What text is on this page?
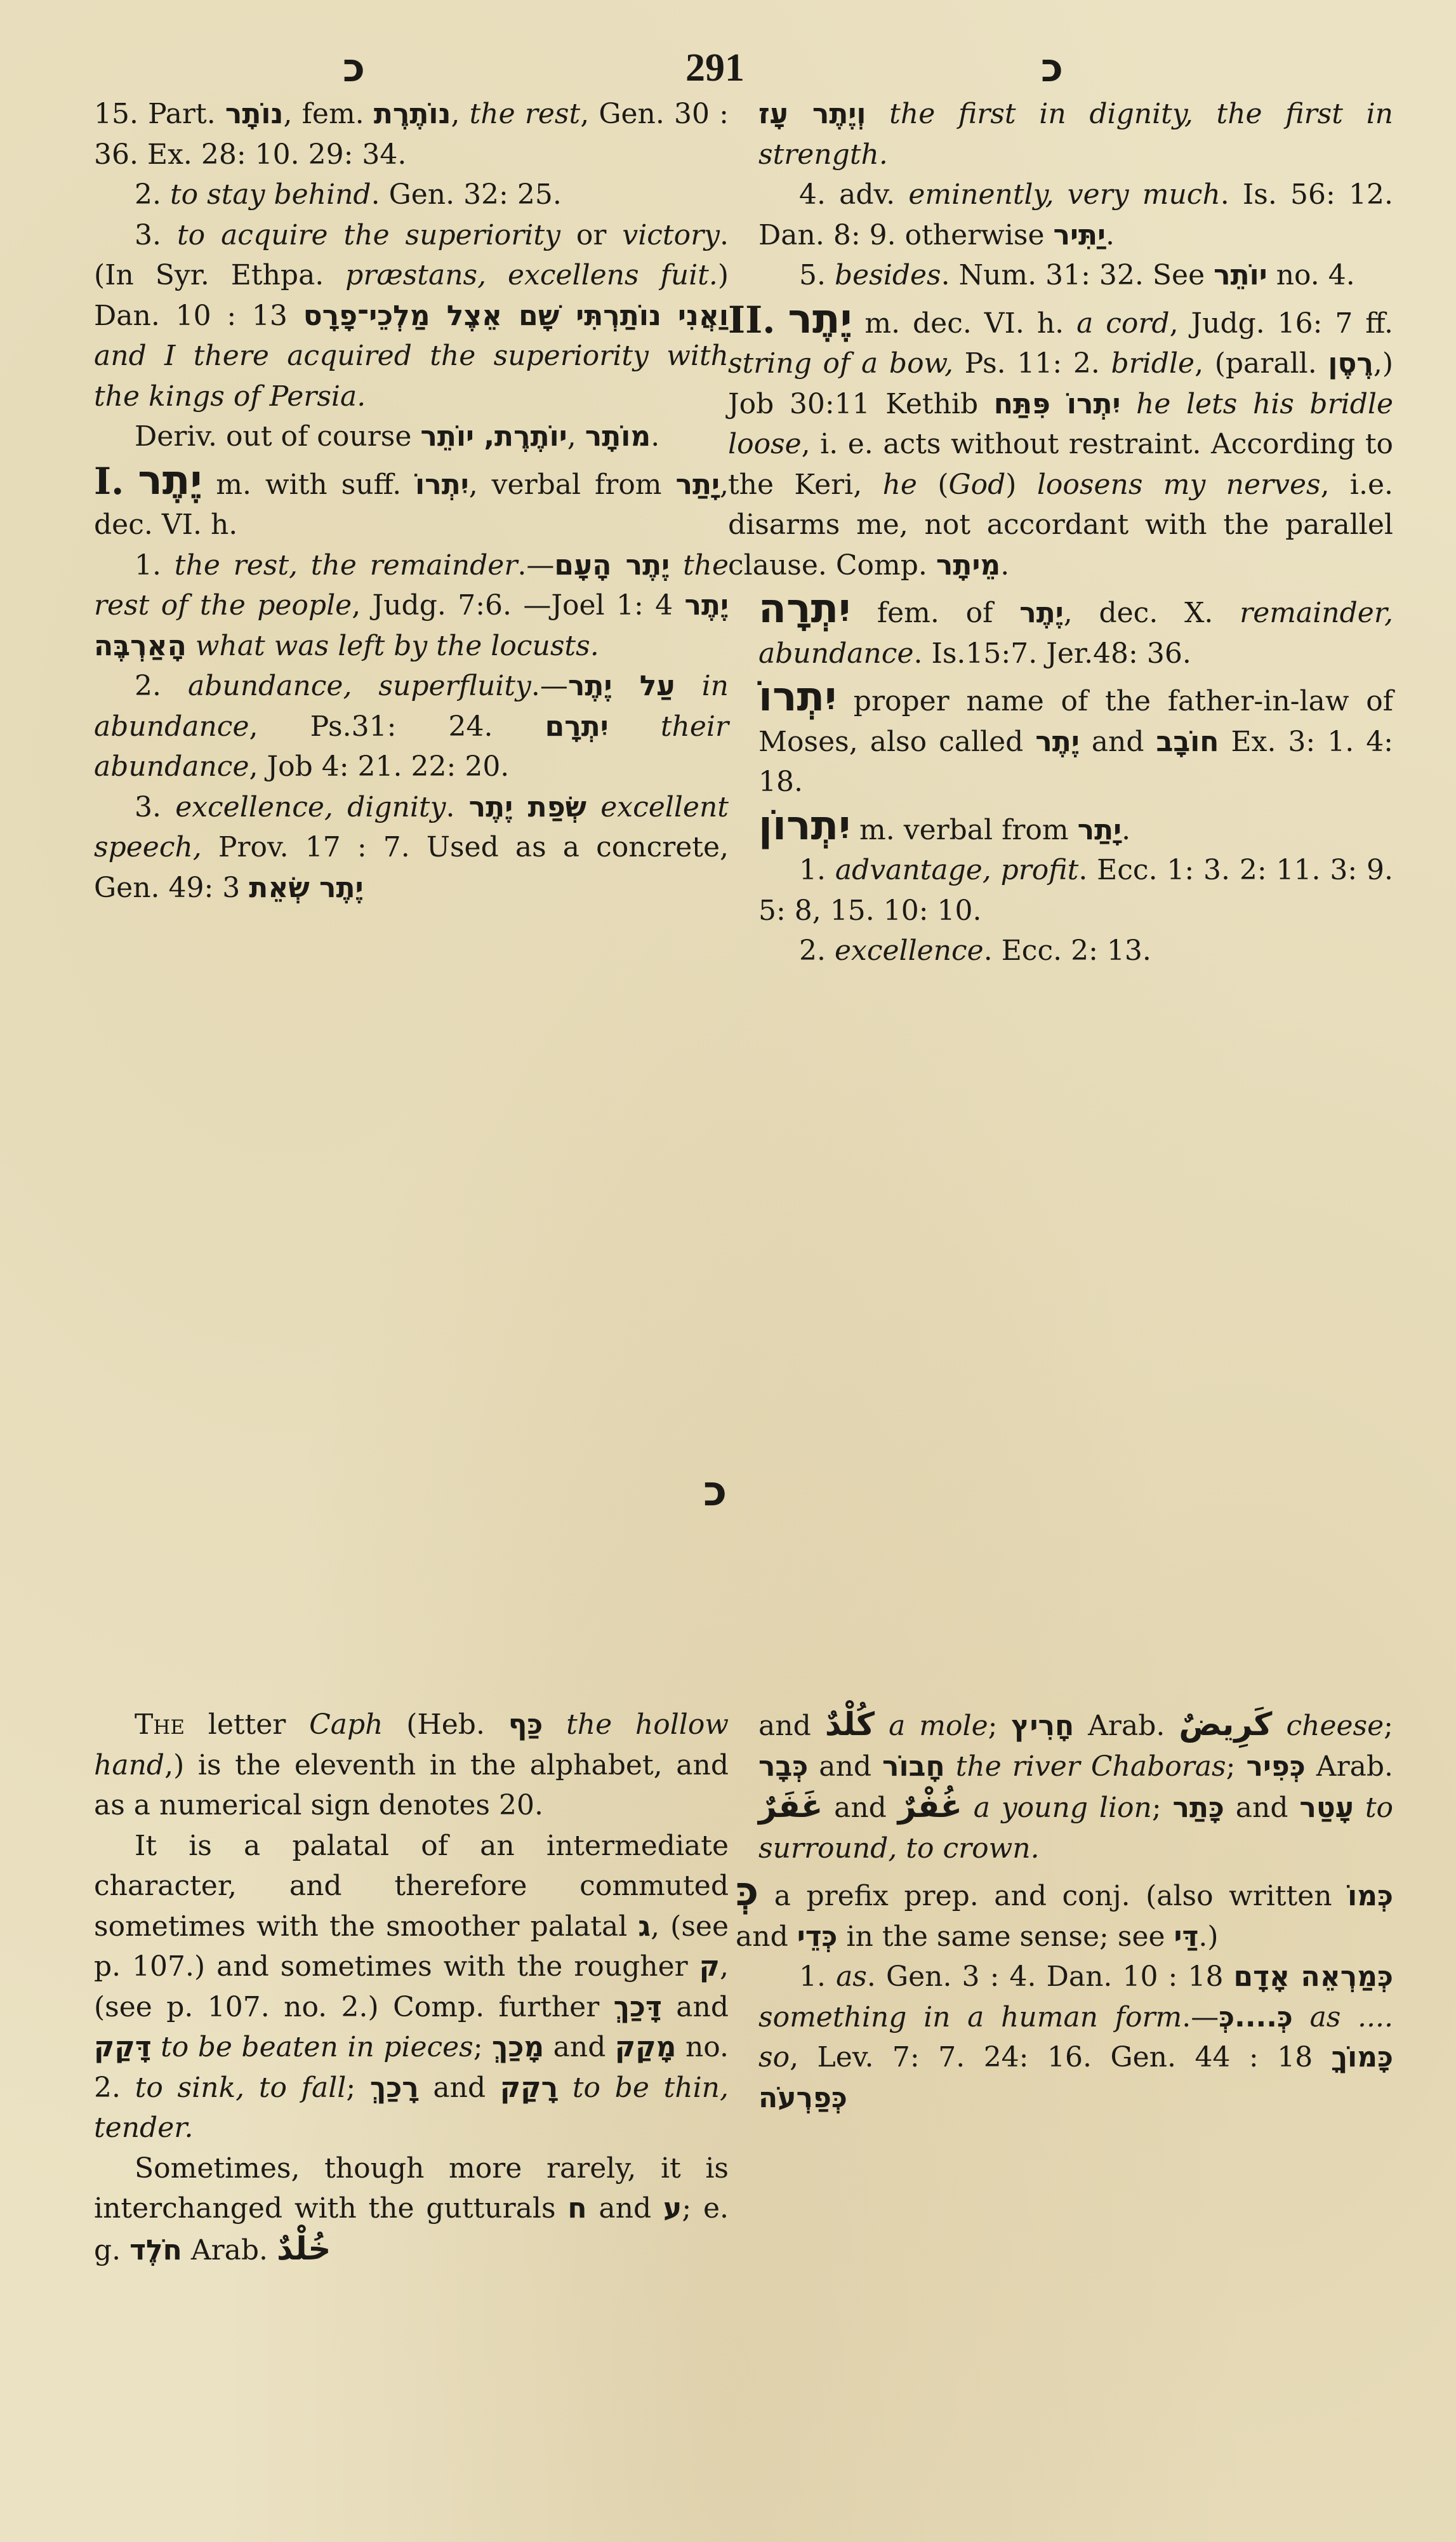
כ	291	כ

15. Part. נוֹתָר, fem. נוֹתֶרֶת, the rest, Gen. 30 : 36. Ex. 28: 10. 29: 34.

2. to stay behind. Gen. 32: 25.

3. to acquire the superiority or victory. (In Syr. Ethpa. præstans, excellens fuit.) Dan. 10 : 13 וַאֲנִי נוֹתַרְתִּי שָׁם אֵצֶל מַלְכֵי־פָרָס and I there acquired the superiority with the kings of Persia.

Deriv. out of course יוֹתֶרֶת, יוֹתֵר, מוֹתָר.

I. יֶתֶר m. with suff. יִתְרוֹ, verbal from יָתַר, dec. VI. h.

1. the rest, the remainder.—יֶתֶר הָעָם the rest of the people, Judg. 7:6. —Joel 1: 4 יֶתֶר הָאַרְבֶּה what was left by the locusts.

2. abundance, superfluity.—עַל יֶתֶר in abundance, Ps.31: 24. יִתְרָם their abundance, Job 4: 21. 22: 20.

3. excellence, dignity. שְׂפַת יֶתֶר excellent speech, Prov. 17 : 7. Used as a concrete, Gen. 49: 3 יֶתֶר שְׂאֵת

וְיֶתֶר עָז the first in dignity, the first in strength.

4. adv. eminently, very much. Is. 56: 12. Dan. 8: 9. otherwise יַתִּיר.

5. besides. Num. 31: 32. See יוֹתֵר no. 4.

II. יֶתֶר m. dec. VI. h. a cord, Judg. 16: 7 ff. string of a bow, Ps. 11: 2. bridle, (parall. רֶסֶן,) Job 30:11 Kethib יִתְרוֹ פִּתַּח he lets his bridle loose, i. e. acts without restraint. According to the Keri, he (God) loosens my nerves, i.e. disarms me, not accordant with the parallel clause. Comp. מֵיתָר.

יִתְרָה fem. of יֶתֶר, dec. X. remainder, abundance. Is.15:7. Jer.48: 36.

יִתְרוֹ proper name of the father-in-law of Moses, also called יֶתֶר and חוֹבָב Ex. 3: 1. 4: 18.

יִתְרוֹן m. verbal from יָתַר.

1. advantage, profit. Ecc. 1: 3. 2: 11. 3: 9. 5: 8, 15. 10: 10.

2. excellence. Ecc. 2: 13.

כ

The letter Caph (Heb. כַּף the hollow hand,) is the eleventh in the alphabet, and as a numerical sign denotes 20.

It is a palatal of an intermediate character, and therefore commuted sometimes with the smoother palatal ג, (see p. 107.) and sometimes with the rougher ק, (see p. 107. no. 2.) Comp. further דָּכַךְ and דָּקַק to be beaten in pieces; מָכַךְ and מָקַק no. 2. to sink, to fall; רָכַךְ and רָקַק to be thin, tender.

Sometimes, though more rarely, it is interchanged with the gutturals ח and ע; e. g. חֹלֶד Arab. خُلْدٌ

and كُلْدٌ a mole; חָרִיץ Arab. كَرِيضٌ cheese; כְּבָר and חָבוֹר the river Chaboras; כְּפִיר Arab. غَفَرٌ and غُفْرٌ a young lion; כָּתַר and עָטַר to surround, to crown.

כְּ a prefix prep. and conj. (also written כְּמוֹ and כְּדֵי in the same sense; see דַּי.)

1. as. Gen. 3 : 4. Dan. 10 : 18 כְּמַרְאֵה אָדָם something in a human form.—כְּ....כְּ as .... so, Lev. 7: 7. 24: 16. Gen. 44 : 18 כָּמוֹךָ כְּפַרְעֹה
